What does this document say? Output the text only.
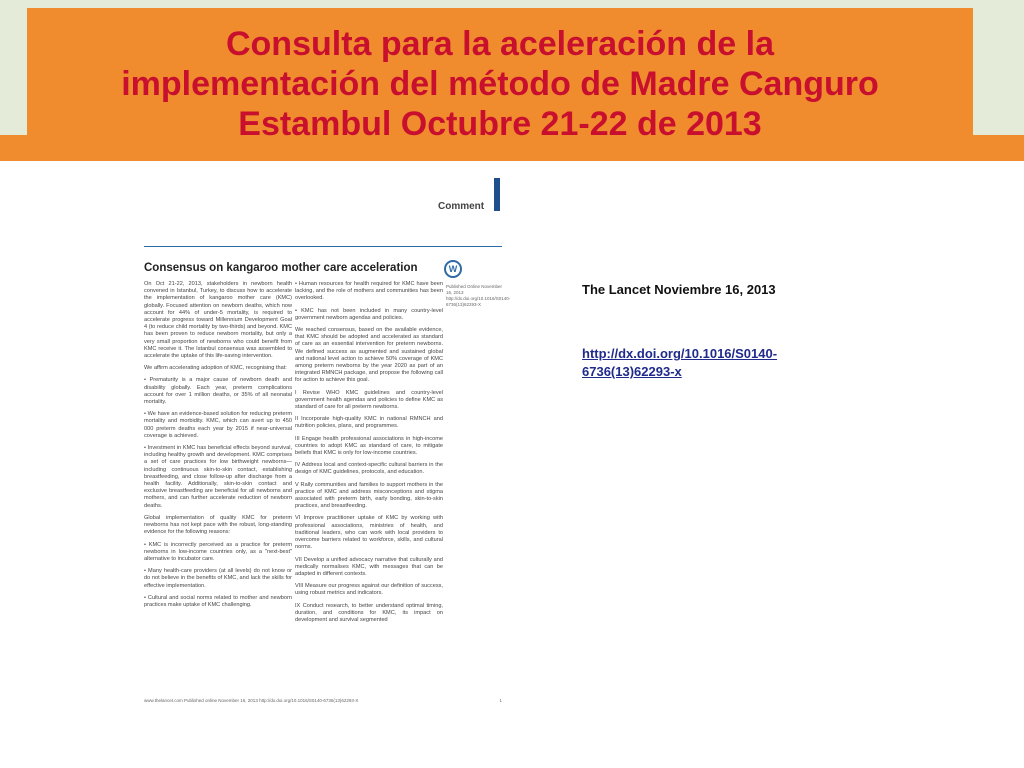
Consulta para la aceleración de la
implementación del método de Madre Canguro
Estambul Octubre 21-22 de 2013
Comment
Consensus on kangaroo mother care acceleration	W
Published Online November 16, 2013 http://dx.doi.org/10.1016/S0140-6736(13)62293-X

On Oct 21-22, 2013, stakeholders in newborn health convened in Istanbul, Turkey, to discuss how to accelerate the implementation of kangaroo mother care (KMC) globally. Focused attention on newborn deaths, which now account for 44% of under-5 mortality, is required to accelerate progress toward Millennium Development Goal 4 (to reduce child mortality by two-thirds) and beyond. KMC has been proven to reduce newborn mortality, but only a very small proportion of newborns who could benefit from KMC receive it. The Istanbul consensus was assembled to accelerate the uptake of this life-saving intervention.

We affirm accelerating adoption of KMC, recognising that:

• Prematurity is a major cause of newborn death and disability globally. Each year, preterm complications account for over 1 million deaths, or 35% of all neonatal mortality.

• We have an evidence-based solution for reducing preterm mortality and morbidity. KMC, which can avert up to 450 000 preterm deaths each year by 2015 if near-universal coverage is achieved.

• Investment in KMC has beneficial effects beyond survival, including healthy growth and development. KMC comprises a set of care practices for low birthweight newborns—including continuous skin-to-skin contact, establishing breastfeeding, and close follow-up after discharge from a health facility. Additionally, skin-to-skin contact and exclusive breastfeeding are beneficial for all newborns and mothers, and can further accelerate reduction of newborn deaths.

Global implementation of quality KMC for preterm newborns has not kept pace with the robust, long-standing evidence for the following reasons:

• KMC is incorrectly perceived as a practice for preterm newborns in low-income countries only, as a "next-best" alternative to incubator care.

• Many health-care providers (at all levels) do not know or do not believe in the benefits of KMC, and lack the skills for effective implementation.

• Cultural and social norms related to mother and newborn practices make uptake of KMC challenging.

• Human resources for health required for KMC have been lacking, and the role of mothers and communities has been overlooked.

• KMC has not been included in many country-level government newborn agendas and policies.

We reached consensus, based on the available evidence, that KMC should be adopted and accelerated as standard of care as an essential intervention for preterm newborns. We defined success as augmented and sustained global and national level action to achieve 50% coverage of KMC among preterm newborns by the year 2020 as part of an integrated RMNCH package, and propose the following call for action to achieve this goal.

I Revise WHO KMC guidelines and country-level government health agendas and policies to define KMC as standard of care for all preterm newborns.

II Incorporate high-quality KMC in national RMNCH and nutrition policies, plans, and programmes.

III Engage health professional associations in high-income countries to adopt KMC as standard of care, to mitigate beliefs that KMC is only for low-income countries.

IV Address local and context-specific cultural barriers in the design of KMC guidelines, protocols, and education.

V Rally communities and families to support mothers in the practice of KMC and address misconceptions and stigma associated with preterm birth, early bonding, skin-to-skin practices, and breastfeeding.

VI Improve practitioner uptake of KMC by working with professional associations, ministries of health, and traditional leaders, who can work with local providers to overcome barriers related to workforce, skills, and cultural norms.

VII Develop a unified advocacy narrative that culturally and medically normalises KMC, with messages that can be adapted in different contexts.

VIII Measure our progress against our definition of success, using robust metrics and indicators.

IX Conduct research, to better understand optimal timing, duration, and conditions for KMC, its impact on development and survival segmented

www.thelancet.com Published online November 16, 2013 http://dx.doi.org/10.1016/S0140-6736(13)62293-X	1

The Lancet Noviembre 16, 2013

http://dx.doi.org/10.1016/S0140-6736(13)62293-x
